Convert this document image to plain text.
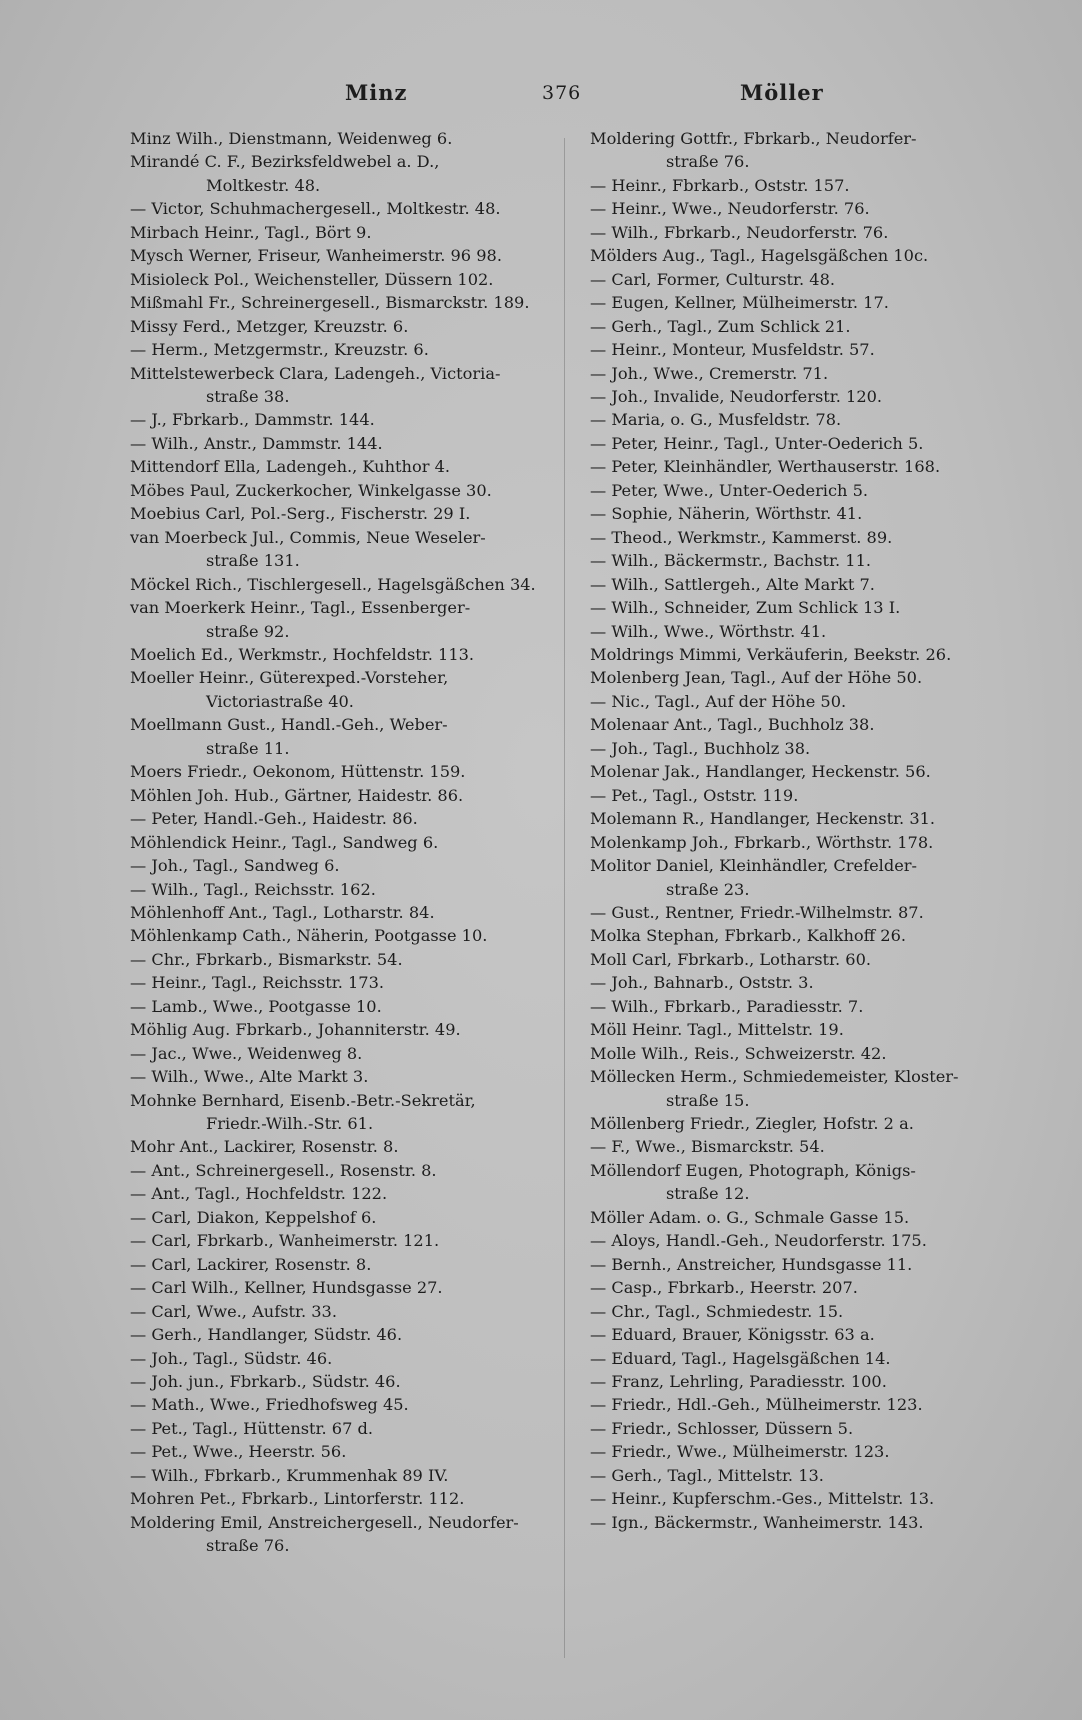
Minz	376	Möller
Minz Wilh., Dienstmann, Weidenweg 6.
Mirandé C. F., Bezirksfeldwebel a. D.,
Moltkestr. 48.
— Victor, Schuhmachergesell., Moltkestr. 48.
Mirbach Heinr., Tagl., Bört 9.
Mysch Werner, Friseur, Wanheimerstr. 96 98.
Misioleck Pol., Weichensteller, Düssern 102.
Mißmahl Fr., Schreinergesell., Bismarckstr. 189.
Missy Ferd., Metzger, Kreuzstr. 6.
— Herm., Metzgermstr., Kreuzstr. 6.
Mittelstewerbeck Clara, Ladengeh., Victoria-
straße 38.
— J., Fbrkarb., Dammstr. 144.
— Wilh., Anstr., Dammstr. 144.
Mittendorf Ella, Ladengeh., Kuhthor 4.
Möbes Paul, Zuckerkocher, Winkelgasse 30.
Moebius Carl, Pol.-Serg., Fischerstr. 29 I.
van Moerbeck Jul., Commis, Neue Weseler-
straße 131.
Möckel Rich., Tischlergesell., Hagelsgäßchen 34.
van Moerkerk Heinr., Tagl., Essenberger-
straße 92.
Moelich Ed., Werkmstr., Hochfeldstr. 113.
Moeller Heinr., Güterexped.-Vorsteher,
Victoriastraße 40.
Moellmann Gust., Handl.-Geh., Weber-
straße 11.
Moers Friedr., Oekonom, Hüttenstr. 159.
Möhlen Joh. Hub., Gärtner, Haidestr. 86.
— Peter, Handl.-Geh., Haidestr. 86.
Möhlendick Heinr., Tagl., Sandweg 6.
— Joh., Tagl., Sandweg 6.
— Wilh., Tagl., Reichsstr. 162.
Möhlenhoff Ant., Tagl., Lotharstr. 84.
Möhlenkamp Cath., Näherin, Pootgasse 10.
— Chr., Fbrkarb., Bismarkstr. 54.
— Heinr., Tagl., Reichsstr. 173.
— Lamb., Wwe., Pootgasse 10.
Möhlig Aug. Fbrkarb., Johanniterstr. 49.
— Jac., Wwe., Weidenweg 8.
— Wilh., Wwe., Alte Markt 3.
Mohnke Bernhard, Eisenb.-Betr.-Sekretär,
Friedr.-Wilh.-Str. 61.
Mohr Ant., Lackirer, Rosenstr. 8.
— Ant., Schreinergesell., Rosenstr. 8.
— Ant., Tagl., Hochfeldstr. 122.
— Carl, Diakon, Keppelshof 6.
— Carl, Fbrkarb., Wanheimerstr. 121.
— Carl, Lackirer, Rosenstr. 8.
— Carl Wilh., Kellner, Hundsgasse 27.
— Carl, Wwe., Aufstr. 33.
— Gerh., Handlanger, Südstr. 46.
— Joh., Tagl., Südstr. 46.
— Joh. jun., Fbrkarb., Südstr. 46.
— Math., Wwe., Friedhofsweg 45.
— Pet., Tagl., Hüttenstr. 67 d.
— Pet., Wwe., Heerstr. 56.
— Wilh., Fbrkarb., Krummenhak 89 IV.
Mohren Pet., Fbrkarb., Lintorferstr. 112.
Moldering Emil, Anstreichergesell., Neudorfer-
straße 76.
Moldering Gottfr., Fbrkarb., Neudorfer-
straße 76.
— Heinr., Fbrkarb., Oststr. 157.
— Heinr., Wwe., Neudorferstr. 76.
— Wilh., Fbrkarb., Neudorferstr. 76.
Mölders Aug., Tagl., Hagelsgäßchen 10c.
— Carl, Former, Culturstr. 48.
— Eugen, Kellner, Mülheimerstr. 17.
— Gerh., Tagl., Zum Schlick 21.
— Heinr., Monteur, Musfeldstr. 57.
— Joh., Wwe., Cremerstr. 71.
— Joh., Invalide, Neudorferstr. 120.
— Maria, o. G., Musfeldstr. 78.
— Peter, Heinr., Tagl., Unter-Oederich 5.
— Peter, Kleinhändler, Werthauserstr. 168.
— Peter, Wwe., Unter-Oederich 5.
— Sophie, Näherin, Wörthstr. 41.
— Theod., Werkmstr., Kammerst. 89.
— Wilh., Bäckermstr., Bachstr. 11.
— Wilh., Sattlergeh., Alte Markt 7.
— Wilh., Schneider, Zum Schlick 13 I.
— Wilh., Wwe., Wörthstr. 41.
Moldrings Mimmi, Verkäuferin, Beekstr. 26.
Molenberg Jean, Tagl., Auf der Höhe 50.
— Nic., Tagl., Auf der Höhe 50.
Molenaar Ant., Tagl., Buchholz 38.
— Joh., Tagl., Buchholz 38.
Molenar Jak., Handlanger, Heckenstr. 56.
— Pet., Tagl., Oststr. 119.
Molemann R., Handlanger, Heckenstr. 31.
Molenkamp Joh., Fbrkarb., Wörthstr. 178.
Molitor Daniel, Kleinhändler, Crefelder-
straße 23.
— Gust., Rentner, Friedr.-Wilhelmstr. 87.
Molka Stephan, Fbrkarb., Kalkhoff 26.
Moll Carl, Fbrkarb., Lotharstr. 60.
— Joh., Bahnarb., Oststr. 3.
— Wilh., Fbrkarb., Paradiesstr. 7.
Möll Heinr. Tagl., Mittelstr. 19.
Molle Wilh., Reis., Schweizerstr. 42.
Möllecken Herm., Schmiedemeister, Kloster-
straße 15.
Möllenberg Friedr., Ziegler, Hofstr. 2 a.
— F., Wwe., Bismarckstr. 54.
Möllendorf Eugen, Photograph, Königs-
straße 12.
Möller Adam. o. G., Schmale Gasse 15.
— Aloys, Handl.-Geh., Neudorferstr. 175.
— Bernh., Anstreicher, Hundsgasse 11.
— Casp., Fbrkarb., Heerstr. 207.
— Chr., Tagl., Schmiedestr. 15.
— Eduard, Brauer, Königsstr. 63 a.
— Eduard, Tagl., Hagelsgäßchen 14.
— Franz, Lehrling, Paradiesstr. 100.
— Friedr., Hdl.-Geh., Mülheimerstr. 123.
— Friedr., Schlosser, Düssern 5.
— Friedr., Wwe., Mülheimerstr. 123.
— Gerh., Tagl., Mittelstr. 13.
— Heinr., Kupferschm.-Ges., Mittelstr. 13.
— Ign., Bäckermstr., Wanheimerstr. 143.
